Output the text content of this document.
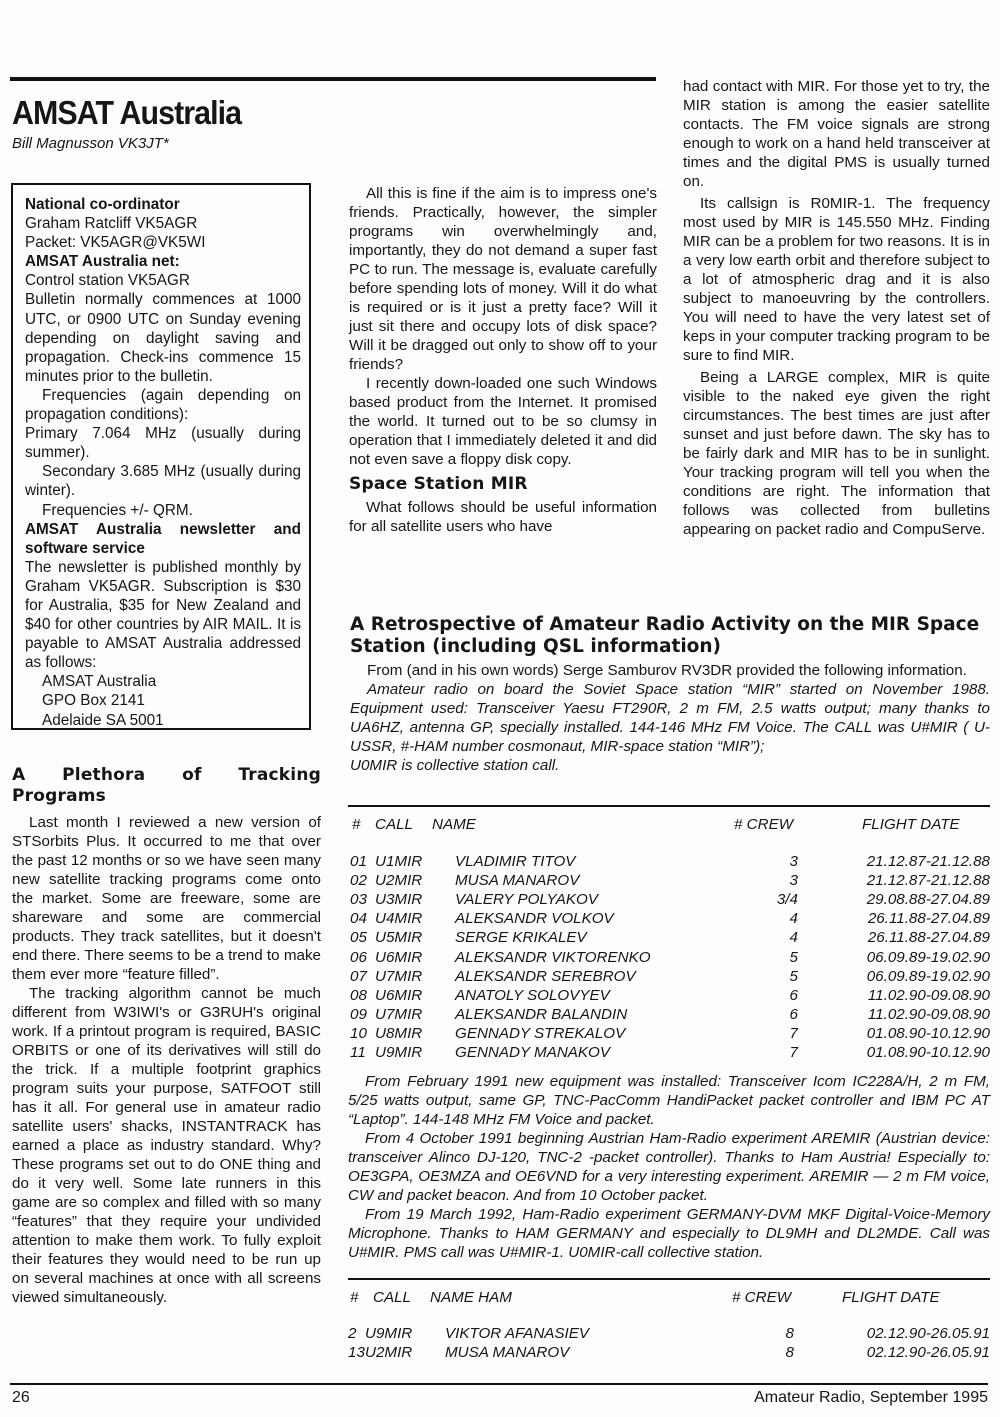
AMSAT Australia
Bill Magnusson VK3JT*
National co-ordinator
Graham Ratcliff VK5AGR
Packet: VK5AGR@VK5WI
AMSAT Australia net:
Control station VK5AGR
Bulletin normally commences at 1000 UTC, or 0900 UTC on Sunday evening depending on daylight saving and propagation. Check-ins commence 15 minutes prior to the bulletin.
Frequencies (again depending on propagation conditions):
Primary 7.064 MHz (usually during summer).
Secondary 3.685 MHz (usually during winter).
Frequencies +/- QRM.
AMSAT Australia newsletter and software service
The newsletter is published monthly by Graham VK5AGR. Subscription is $30 for Australia, $35 for New Zealand and $40 for other countries by AIR MAIL. It is payable to AMSAT Australia addressed as follows:
AMSAT Australia
GPO Box 2141
Adelaide SA 5001
A Plethora of Tracking Programs

Last month I reviewed a new version of STSorbits Plus. It occurred to me that over the past 12 months or so we have seen many new satellite tracking programs come onto the market. Some are freeware, some are shareware and some are commercial products. They track satellites, but it doesn't end there. There seems to be a trend to make them ever more “feature filled”.

The tracking algorithm cannot be much different from W3IWI's or G3RUH's original work. If a printout program is required, BASIC ORBITS or one of its derivatives will still do the trick. If a multiple footprint graphics program suits your purpose, SATFOOT still has it all. For general use in amateur radio satellite users' shacks, INSTANTRACK has earned a place as industry standard. Why? These programs set out to do ONE thing and do it very well. Some late runners in this game are so complex and filled with so many “features” that they require your undivided attention to make them work. To fully exploit their features they would need to be run up on several machines at once with all screens viewed simultaneously.

All this is fine if the aim is to impress one's friends. Practically, however, the simpler programs win overwhelmingly and, importantly, they do not demand a super fast PC to run. The message is, evaluate carefully before spending lots of money. Will it do what is required or is it just a pretty face? Will it just sit there and occupy lots of disk space? Will it be dragged out only to show off to your friends?

I recently down-loaded one such Windows based product from the Internet. It promised the world. It turned out to be so clumsy in operation that I immediately deleted it and did not even save a floppy disk copy.

Space Station MIR

What follows should be useful information for all satellite users who have

had contact with MIR. For those yet to try, the MIR station is among the easier satellite contacts. The FM voice signals are strong enough to work on a hand held transceiver at times and the digital PMS is usually turned on.

Its callsign is R0MIR-1. The frequency most used by MIR is 145.550 MHz. Finding MIR can be a problem for two reasons. It is in a very low earth orbit and therefore subject to a lot of atmospheric drag and it is also subject to manoeuvring by the controllers. You will need to have the very latest set of keps in your computer tracking program to be sure to find MIR.

Being a LARGE complex, MIR is quite visible to the naked eye given the right circumstances. The best times are just after sunset and just before dawn. The sky has to be fairly dark and MIR has to be in sunlight. Your tracking program will tell you when the conditions are right. The information that follows was collected from bulletins appearing on packet radio and CompuServe.

A Retrospective of Amateur Radio Activity on the MIR Space Station (including QSL information)

From (and in his own words) Serge Samburov RV3DR provided the following information.

Amateur radio on board the Soviet Space station “MIR” started on November 1988. Equipment used: Transceiver Yaesu FT290R, 2 m FM, 2.5 watts output; many thanks to UA6HZ, antenna GP, specially installed. 144-146 MHz FM Voice. The CALL was U#MIR ( U-USSR, #-HAM number cosmonaut, MIR-space station “MIR”);

U0MIR is collective station call.

# CALL NAME	# CREW	FLIGHT DATE
01 U1MIR VLADIMIR TITOV	3	21.12.87-21.12.88
02 U2MIR MUSA MANAROV	3	21.12.87-21.12.88
03 U3MIR VALERY POLYAKOV	3/4	29.08.88-27.04.89
04 U4MIR ALEKSANDR VOLKOV	4	26.11.88-27.04.89
05 U5MIR SERGE KRIKALEV	4	26.11.88-27.04.89
06 U6MIR ALEKSANDR VIKTORENKO	5	06.09.89-19.02.90
07 U7MIR ALEKSANDR SEREBROV	5	06.09.89-19.02.90
08 U6MIR ANATOLY SOLOVYEV	6	11.02.90-09.08.90
09 U7MIR ALEKSANDR BALANDIN	6	11.02.90-09.08.90
10 U8MIR GENNADY STREKALOV	7	01.08.90-10.12.90
11 U9MIR GENNADY MANAKOV	7	01.08.90-10.12.90

From February 1991 new equipment was installed: Transceiver Icom IC228A/H, 2 m FM, 5/25 watts output, same GP, TNC-PacComm HandiPacket packet controller and IBM PC AT “Laptop”. 144-148 MHz FM Voice and packet.

From 4 October 1991 beginning Austrian Ham-Radio experiment AREMIR (Austrian device: transceiver Alinco DJ-120, TNC-2 -packet controller). Thanks to Ham Austria! Especially to: OE3GPA, OE3MZA and OE6VND for a very interesting experiment. AREMIR — 2 m FM voice, CW and packet beacon. And from 10 October packet.

From 19 March 1992, Ham-Radio experiment GERMANY-DVM MKF Digital-Voice-Memory Microphone. Thanks to HAM GERMANY and especially to DL9MH and DL2MDE. Call was U#MIR. PMS call was U#MIR-1. U0MIR-call collective station.

# CALL NAME HAM	# CREW	FLIGHT DATE
2 U9MIR VIKTOR AFANASIEV	8	02.12.90-26.05.91
13 U2MIR MUSA MANAROV	8	02.12.90-26.05.91
26	Amateur Radio, September 1995
